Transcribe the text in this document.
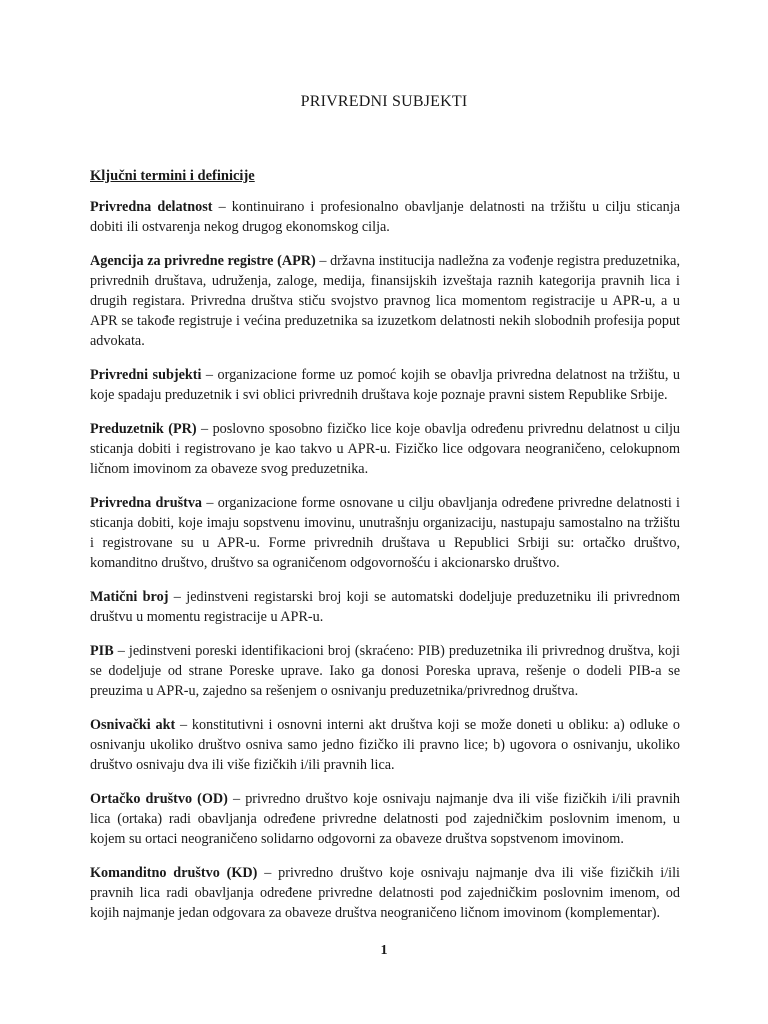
PRIVREDNI SUBJEKTI

Ključni termini i definicije

Privredna delatnost – kontinuirano i profesionalno obavljanje delatnosti na tržištu u cilju sticanja dobiti ili ostvarenja nekog drugog ekonomskog cilja.

Agencija za privredne registre (APR) – državna institucija nadležna za vođenje registra preduzetnika, privrednih društava, udruženja, zaloge, medija, finansijskih izveštaja raznih kategorija pravnih lica i drugih registara. Privredna društva stiču svojstvo pravnog lica momentom registracije u APR-u, a u APR se takođe registruje i većina preduzetnika sa izuzetkom delatnosti nekih slobodnih profesija poput advokata.

Privredni subjekti – organizacione forme uz pomoć kojih se obavlja privredna delatnost na tržištu, u koje spadaju preduzetnik i svi oblici privrednih društava koje poznaje pravni sistem Republike Srbije.

Preduzetnik (PR) – poslovno sposobno fizičko lice koje obavlja određenu privrednu delatnost u cilju sticanja dobiti i registrovano je kao takvo u APR-u. Fizičko lice odgovara neograničeno, celokupnom ličnom imovinom za obaveze svog preduzetnika.

Privredna društva – organizacione forme osnovane u cilju obavljanja određene privredne delatnosti i sticanja dobiti, koje imaju sopstvenu imovinu, unutrašnju organizaciju, nastupaju samostalno na tržištu i registrovane su u APR-u. Forme privrednih društava u Republici Srbiji su: ortačko društvo, komanditno društvo, društvo sa ograničenom odgovornošću i akcionarsko društvo.

Matični broj – jedinstveni registarski broj koji se automatski dodeljuje preduzetniku ili privrednom društvu u momentu registracije u APR-u.

PIB – jedinstveni poreski identifikacioni broj (skraćeno: PIB) preduzetnika ili privrednog društva, koji se dodeljuje od strane Poreske uprave. Iako ga donosi Poreska uprava, rešenje o dodeli PIB-a se preuzima u APR-u, zajedno sa rešenjem o osnivanju preduzetnika/privrednog društva.

Osnivački akt – konstitutivni i osnovni interni akt društva koji se može doneti u obliku: a) odluke o osnivanju ukoliko društvo osniva samo jedno fizičko ili pravno lice; b) ugovora o osnivanju, ukoliko društvo osnivaju dva ili više fizičkih i/ili pravnih lica.

Ortačko društvo (OD) – privredno društvo koje osnivaju najmanje dva ili više fizičkih i/ili pravnih lica (ortaka) radi obavljanja određene privredne delatnosti pod zajedničkim poslovnim imenom, u kojem su ortaci neograničeno solidarno odgovorni za obaveze društva sopstvenom imovinom.

Komanditno društvo (KD) – privredno društvo koje osnivaju najmanje dva ili više fizičkih i/ili pravnih lica radi obavljanja određene privredne delatnosti pod zajedničkim poslovnim imenom, od kojih najmanje jedan odgovara za obaveze društva neograničeno ličnom imovinom (komplementar).

1
